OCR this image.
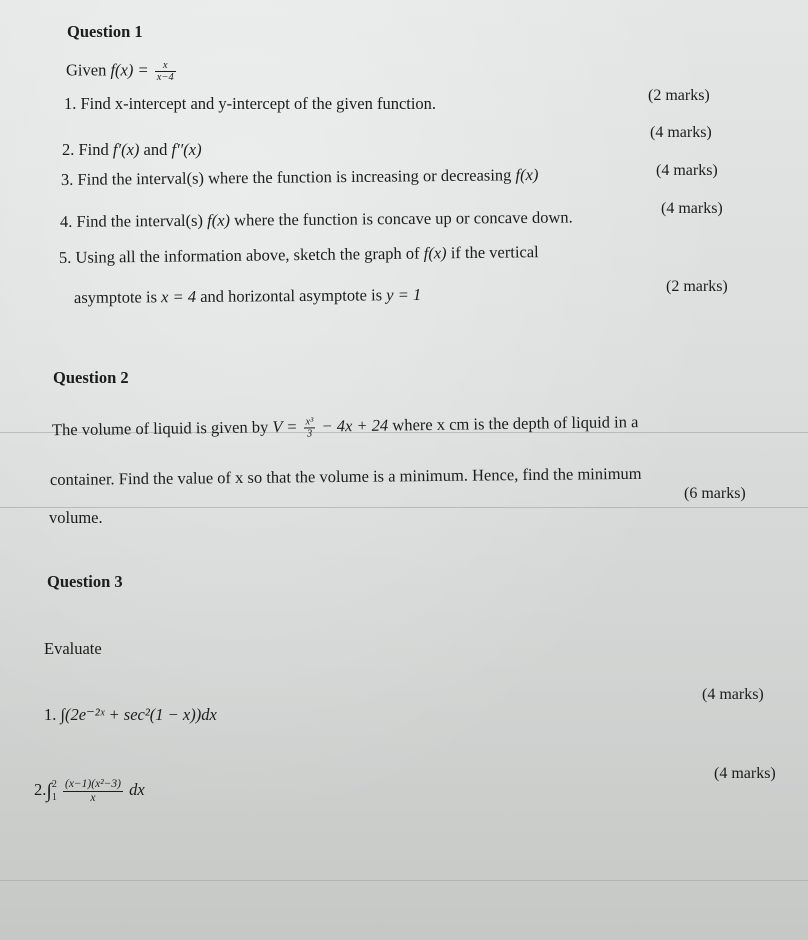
Question 1
Given $f(x) = \frac{x}{x-4}$
1. Find x-intercept and y-intercept of the given function.	(2 marks)
2. Find f′(x) and f′′(x)
(4 marks)
3. Find the interval(s) where the function is increasing or decreasing f(x)	(4 marks)
4. Find the interval(s) f(x) where the function is concave up or concave down.	(4 marks)
5. Using all the information above, sketch the graph of f(x) if the vertical
asymptote is x = 4 and horizontal asymptote is y = 1	(2 marks)
Question 2
The volume of liquid is given by $V = \frac{\text{x³}}{3} - 4x + 24$ where x cm is the depth of liquid in a
container. Find the value of x so that the volume is a minimum. Hence, find the minimum
volume.
(6 marks)
Question 3
Evaluate
1. ∫(2e⁻²ˣ + sec²(1 − x))dx
(4 marks)
2.∫ 2
1
$\frac{\text{(x−1)(x²−3)}}{x}$ dx
(4 marks)
